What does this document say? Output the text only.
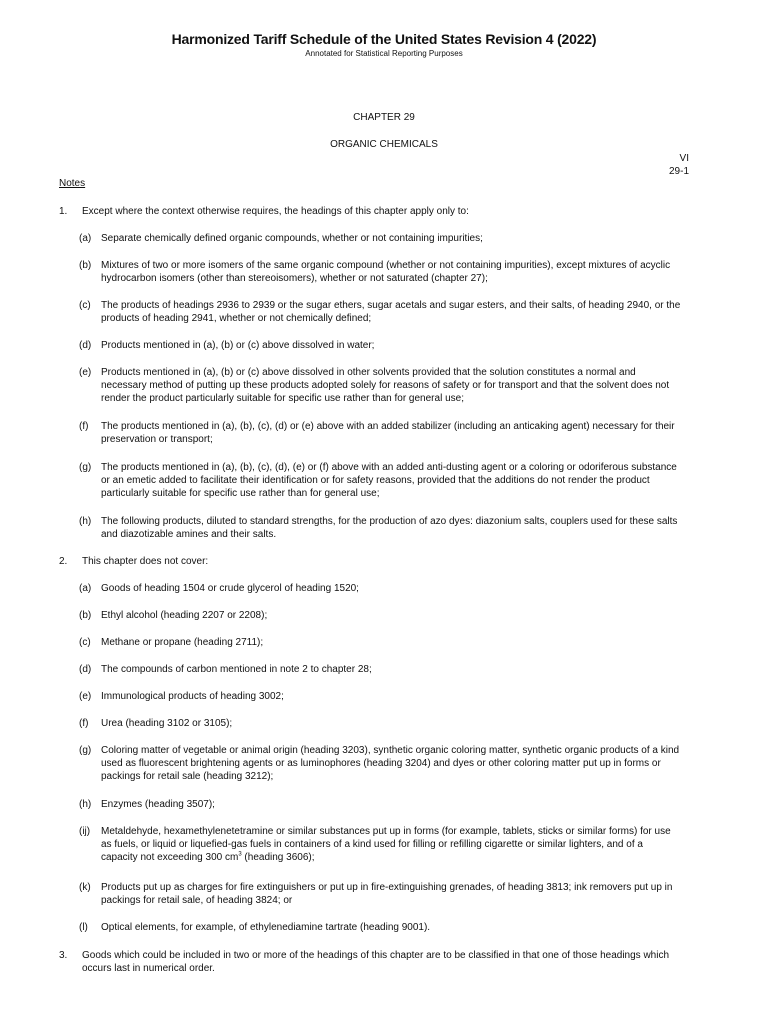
Harmonized Tariff Schedule of the United States Revision 4 (2022)
Annotated for Statistical Reporting Purposes
CHAPTER 29
ORGANIC CHEMICALS
VI
29-1
Notes
1. Except where the context otherwise requires, the headings of this chapter apply only to:
(a) Separate chemically defined organic compounds, whether or not containing impurities;
(b) Mixtures of two or more isomers of the same organic compound (whether or not containing impurities), except mixtures of acyclic hydrocarbon isomers (other than stereoisomers), whether or not saturated (chapter 27);
(c) The products of headings 2936 to 2939 or the sugar ethers, sugar acetals and sugar esters, and their salts, of heading 2940, or the products of heading 2941, whether or not chemically defined;
(d) Products mentioned in (a), (b) or (c) above dissolved in water;
(e) Products mentioned in (a), (b) or (c) above dissolved in other solvents provided that the solution constitutes a normal and necessary method of putting up these products adopted solely for reasons of safety or for transport and that the solvent does not render the product particularly suitable for specific use rather than for general use;
(f) The products mentioned in (a), (b), (c), (d) or (e) above with an added stabilizer (including an anticaking agent) necessary for their preservation or transport;
(g) The products mentioned in (a), (b), (c), (d), (e) or (f) above with an added anti-dusting agent or a coloring or odoriferous substance or an emetic added to facilitate their identification or for safety reasons, provided that the additions do not render the product particularly suitable for specific use rather than for general use;
(h) The following products, diluted to standard strengths, for the production of azo dyes: diazonium salts, couplers used for these salts and diazotizable amines and their salts.
2. This chapter does not cover:
(a) Goods of heading 1504 or crude glycerol of heading 1520;
(b) Ethyl alcohol (heading 2207 or 2208);
(c) Methane or propane (heading 2711);
(d) The compounds of carbon mentioned in note 2 to chapter 28;
(e) Immunological products of heading 3002;
(f) Urea (heading 3102 or 3105);
(g) Coloring matter of vegetable or animal origin (heading 3203), synthetic organic coloring matter, synthetic organic products of a kind used as fluorescent brightening agents or as luminophores (heading 3204) and dyes or other coloring matter put up in forms or packings for retail sale (heading 3212);
(h) Enzymes (heading 3507);
(ij) Metaldehyde, hexamethylenetetramine or similar substances put up in forms (for example, tablets, sticks or similar forms) for use as fuels, or liquid or liquefied-gas fuels in containers of a kind used for filling or refilling cigarette or similar lighters, and of a capacity not exceeding 300 $cm^3$ (heading 3606);
(k) Products put up as charges for fire extinguishers or put up in fire-extinguishing grenades, of heading 3813; ink removers put up in packings for retail sale, of heading 3824; or
(l) Optical elements, for example, of ethylenediamine tartrate (heading 9001).
3. Goods which could be included in two or more of the headings of this chapter are to be classified in that one of those headings which occurs last in numerical order.
